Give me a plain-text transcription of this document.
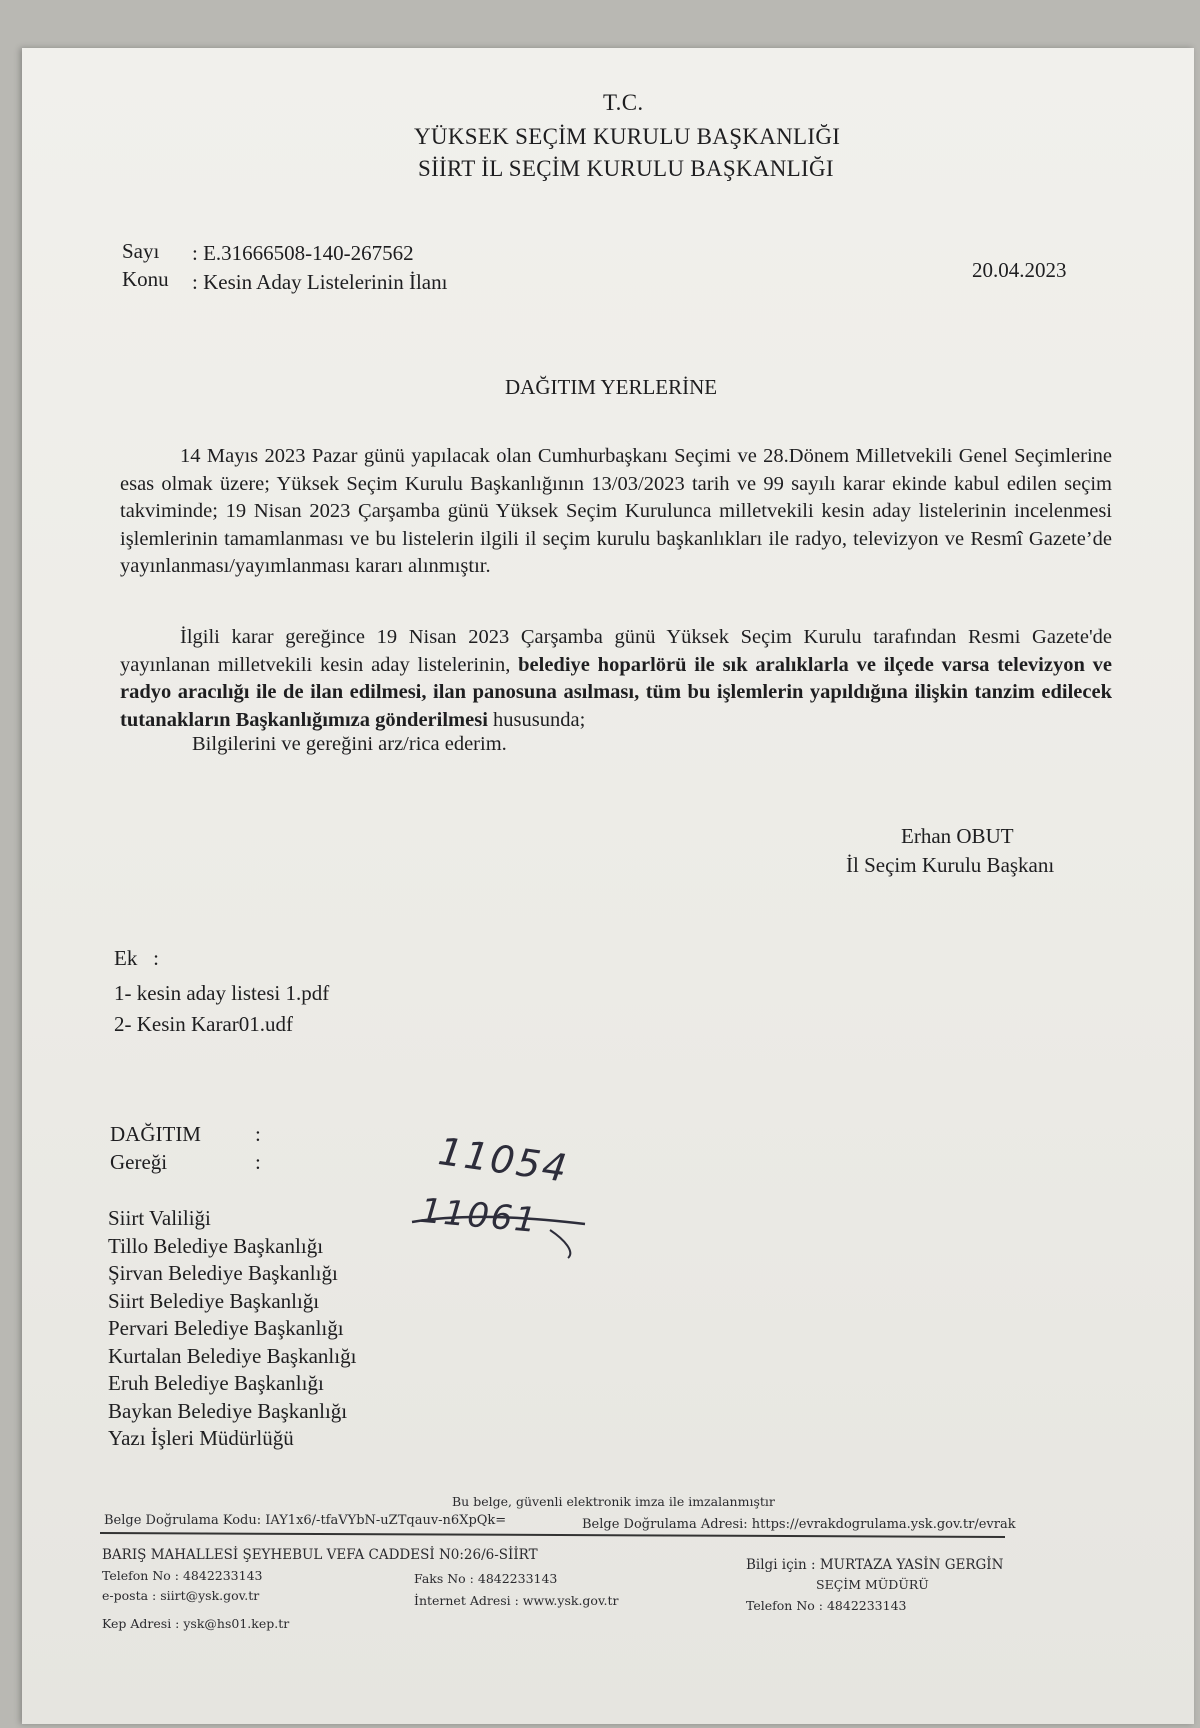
T.C.
YÜKSEK SEÇİM KURULU BAŞKANLIĞI
SİİRT İL SEÇİM KURULU BAŞKANLIĞI
Sayı : E.31666508-140-267562
Konu : Kesin Aday Listelerinin İlanı	20.04.2023
DAĞITIM YERLERİNE
14 Mayıs 2023 Pazar günü yapılacak olan Cumhurbaşkanı Seçimi ve 28.Dönem Milletvekili Genel Seçimlerine esas olmak üzere; Yüksek Seçim Kurulu Başkanlığının 13/03/2023 tarih ve 99 sayılı karar ekinde kabul edilen seçim takviminde; 19 Nisan 2023 Çarşamba günü Yüksek Seçim Kurulunca milletvekili kesin aday listelerinin incelenmesi işlemlerinin tamamlanması ve bu listelerin ilgili il seçim kurulu başkanlıkları ile radyo, televizyon ve Resmî Gazete’de yayınlanması/yayımlanması kararı alınmıştır.
İlgili karar gereğince 19 Nisan 2023 Çarşamba günü Yüksek Seçim Kurulu tarafından Resmi Gazete'de yayınlanan milletvekili kesin aday listelerinin, belediye hoparlörü ile sık aralıklarla ve ilçede varsa televizyon ve radyo aracılığı ile de ilan edilmesi, ilan panosuna asılması, tüm bu işlemlerin yapıldığına ilişkin tanzim edilecek tutanakların Başkanlığımıza gönderilmesi hususunda;
Bilgilerini ve gereğini arz/rica ederim.
Erhan OBUT
İl Seçim Kurulu Başkanı
Ek   :
1- kesin aday listesi 1.pdf
2- Kesin Karar01.udf
DAĞITIM	:
Gereği	:
Siirt Valiliği
Tillo Belediye Başkanlığı
Şirvan Belediye Başkanlığı
Siirt Belediye Başkanlığı
Pervari Belediye Başkanlığı
Kurtalan Belediye Başkanlığı
Eruh Belediye Başkanlığı
Baykan Belediye Başkanlığı
Yazı İşleri Müdürlüğü
11054
11061
Bu belge, güvenli elektronik imza ile imzalanmıştır
Belge Doğrulama Kodu: IAY1x6/-tfaVYbN-uZTqauv-n6XpQk=	Belge Doğrulama Adresi: https://evrakdogrulama.ysk.gov.tr/evrak
BARIŞ MAHALLESİ ŞEYHEBUL VEFA CADDESİ N0:26/6-SİİRT
Telefon No : 4842233143
e-posta : siirt@ysk.gov.tr
Kep Adresi : ysk@hs01.kep.tr
Faks No : 4842233143
İnternet Adresi : www.ysk.gov.tr
Bilgi için : MURTAZA YASİN GERGİN
SEÇİM MÜDÜRÜ
Telefon No : 4842233143
